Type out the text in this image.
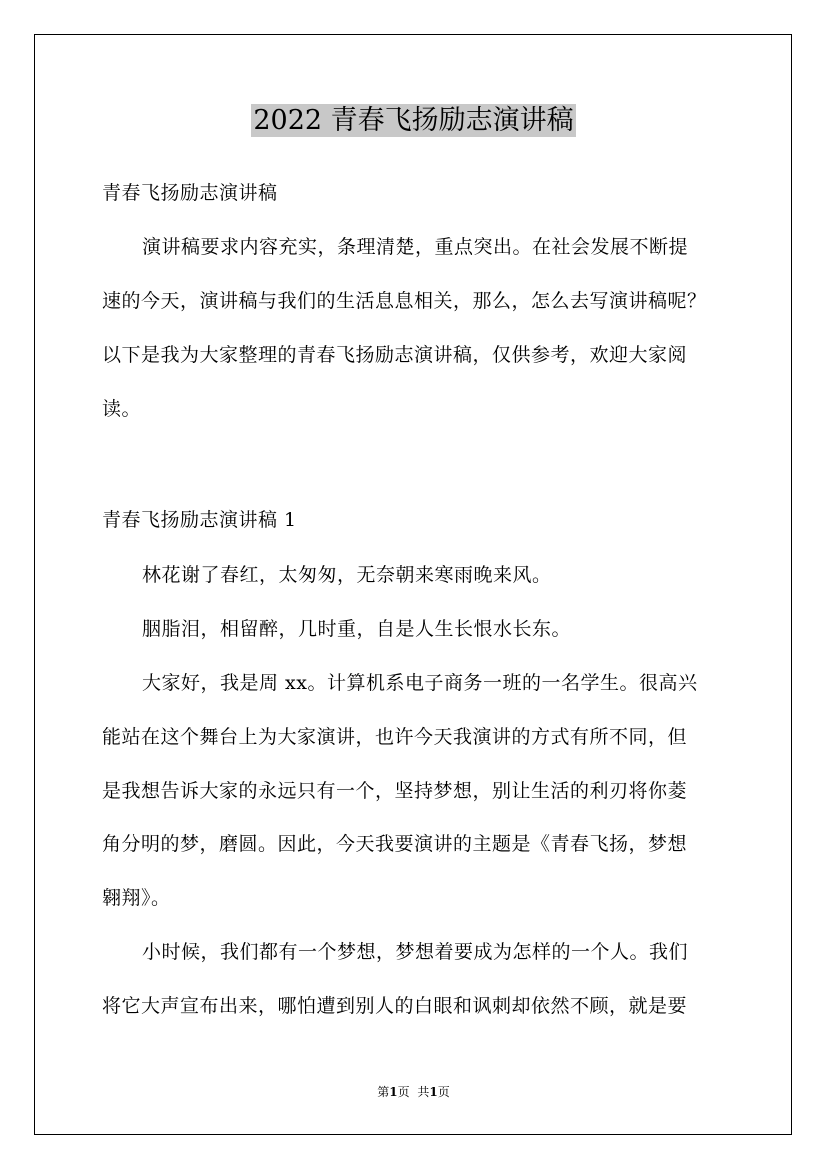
2022 青春飞扬励志演讲稿
青春飞扬励志演讲稿
演讲稿要求内容充实，条理清楚，重点突出。在社会发展不断提
速的今天，演讲稿与我们的生活息息相关，那么，怎么去写演讲稿呢？
以下是我为大家整理的青春飞扬励志演讲稿，仅供参考，欢迎大家阅
读。
青春飞扬励志演讲稿 1
林花谢了春红，太匆匆，无奈朝来寒雨晚来风。
胭脂泪，相留醉，几时重，自是人生长恨水长东。
大家好，我是周 xx。计算机系电子商务一班的一名学生。很高兴
能站在这个舞台上为大家演讲，也许今天我演讲的方式有所不同，但
是我想告诉大家的永远只有一个，坚持梦想，别让生活的利刃将你菱
角分明的梦，磨圆。因此，今天我要演讲的主题是《青春飞扬，梦想
翱翔》。
小时候，我们都有一个梦想，梦想着要成为怎样的一个人。我们
将它大声宣布出来，哪怕遭到别人的白眼和讽刺却依然不顾，就是要
第1页 共1页
